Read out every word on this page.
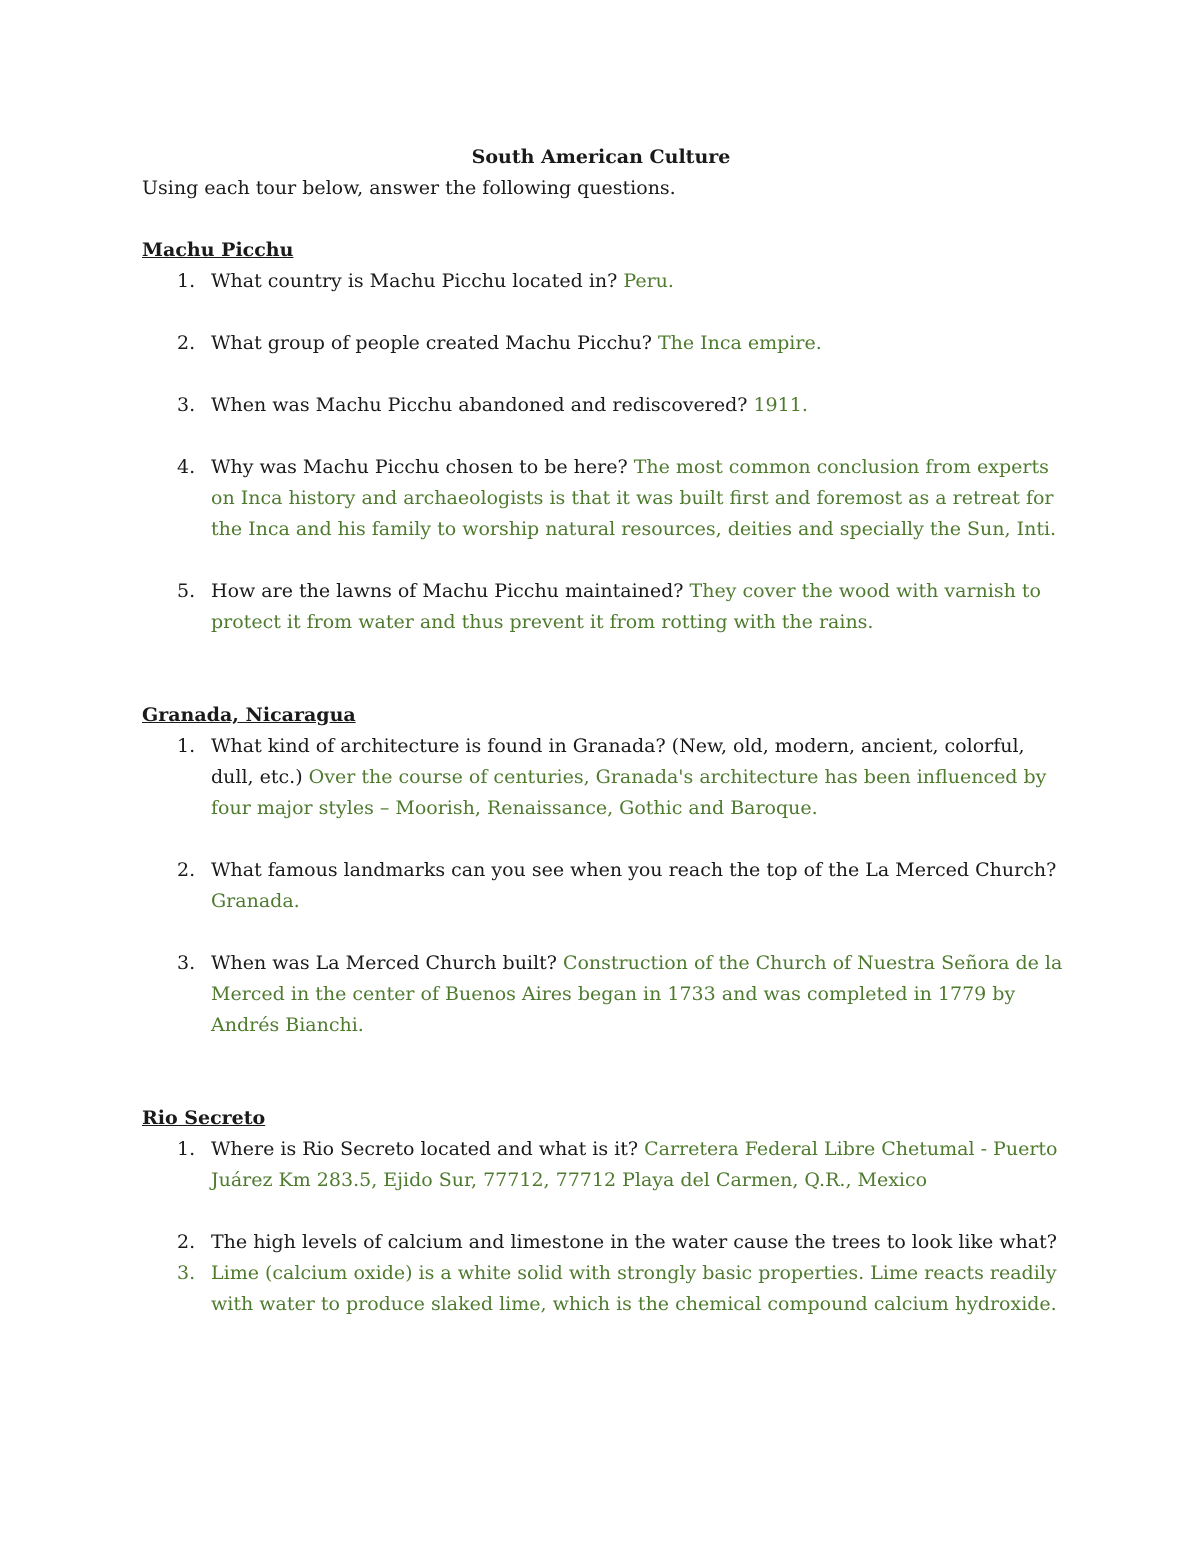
South American Culture

Using each tour below, answer the following questions.

Machu Picchu
1. What country is Machu Picchu located in? Peru.
2. What group of people created Machu Picchu? The Inca empire.
3. When was Machu Picchu abandoned and rediscovered? 1911.
4. Why was Machu Picchu chosen to be here? The most common conclusion from experts on Inca history and archaeologists is that it was built first and foremost as a retreat for the Inca and his family to worship natural resources, deities and specially the Sun, Inti.
5. How are the lawns of Machu Picchu maintained? They cover the wood with varnish to protect it from water and thus prevent it from rotting with the rains.
Granada, Nicaragua
1. What kind of architecture is found in Granada? (New, old, modern, ancient, colorful, dull, etc.) Over the course of centuries, Granada's architecture has been influenced by four major styles – Moorish, Renaissance, Gothic and Baroque.
2. What famous landmarks can you see when you reach the top of the La Merced Church? Granada.
3. When was La Merced Church built? Construction of the Church of Nuestra Señora de la Merced in the center of Buenos Aires began in 1733 and was completed in 1779 by Andrés Bianchi.
Rio Secreto
1. Where is Rio Secreto located and what is it? Carretera Federal Libre Chetumal - Puerto Juárez Km 283.5, Ejido Sur, 77712, 77712 Playa del Carmen, Q.R., Mexico
2. The high levels of calcium and limestone in the water cause the trees to look like what?
3. Lime (calcium oxide) is a white solid with strongly basic properties. Lime reacts readily with water to produce slaked lime, which is the chemical compound calcium hydroxide.
